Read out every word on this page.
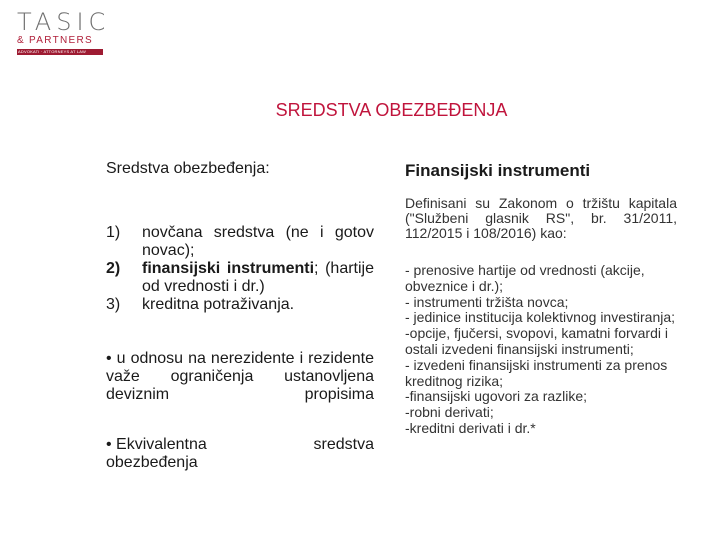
TASIC
& PARTNERS
ADVOKATI · ATTORNEYS AT LAW
SREDSTVA OBEZBEĐENJA

Sredstva obezbeđenja:

1)	novčana sredstva (ne i gotov novac);
2)	finansijski instrumenti; (hartije od vrednosti i dr.)
3)	kreditna potraživanja.
• u odnosu na nerezidente i rezidente važe ograničenja ustanovljena deviznim propisima
• Ekvivalentna	sredstva
obezbeđenja

Finansijski instrumenti

Definisani su Zakonom o tržištu kapitala ("Službeni glasnik RS", br. 31/2011, 112/2015 i 108/2016) kao:
- prenosive hartije od vrednosti (akcije, obveznice i dr.);
- instrumenti tržišta novca;
- jedinice institucija kolektivnog investiranja;
-opcije, fjučersi, svopovi, kamatni forvardi i ostali izvedeni finansijski instrumenti;
- izvedeni finansijski instrumenti za prenos kreditnog rizika;
-finansijski ugovori za razlike;
-robni derivati;
-kreditni derivati i dr.*
